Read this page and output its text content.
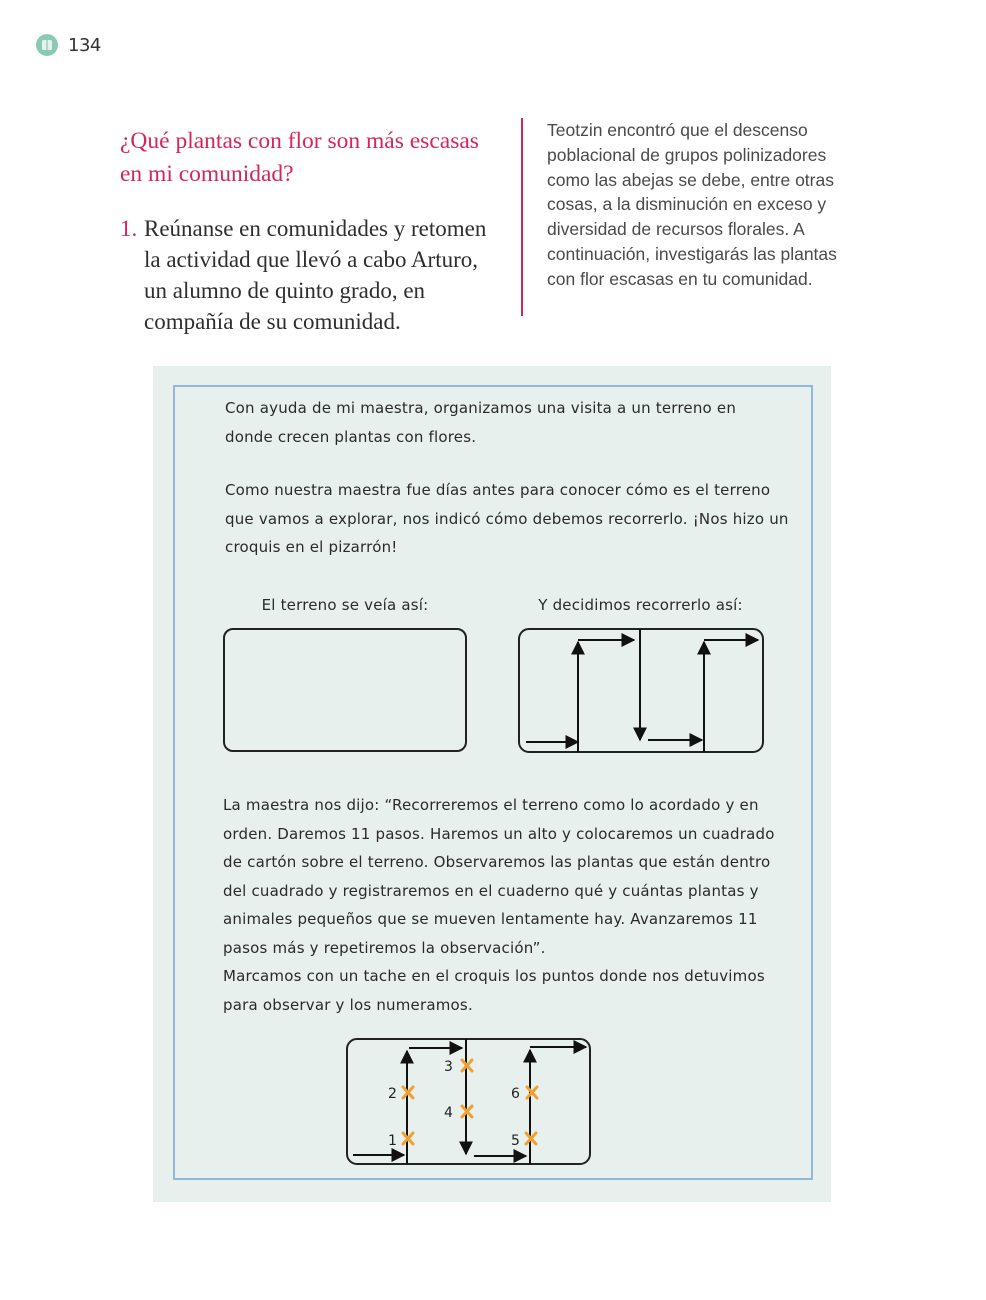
134
¿Qué plantas con flor son más escasas en mi comunidad?
1. Reúnanse en comunidades y retomen la actividad que llevó a cabo Arturo, un alumno de quinto grado, en compañía de su comunidad.
Teotzin encontró que el descenso poblacional de grupos polinizadores como las abejas se debe, entre otras cosas, a la disminución en exceso y diversidad de recursos florales. A continuación, investigarás las plantas con flor escasas en tu comunidad.
Con ayuda de mi maestra, organizamos una visita a un terreno en donde crecen plantas con flores.
Como nuestra maestra fue días antes para conocer cómo es el terreno que vamos a explorar, nos indicó cómo debemos recorrerlo. ¡Nos hizo un croquis en el pizarrón!
El terreno se veía así:	Y decidimos recorrerlo así:

La maestra nos dijo: “Recorreremos el terreno como lo acordado y en orden. Daremos 11 pasos. Haremos un alto y colocaremos un cuadrado de cartón sobre el terreno. Observaremos las plantas que están dentro del cuadrado y registraremos en el cuaderno qué y cuántas plantas y animales pequeños que se mueven lentamente hay. Avanzaremos 11 pasos más y repetiremos la observación”.

Marcamos con un tache en el croquis los puntos donde nos detuvimos para observar y los numeramos.

1
2
3
4
5
6
